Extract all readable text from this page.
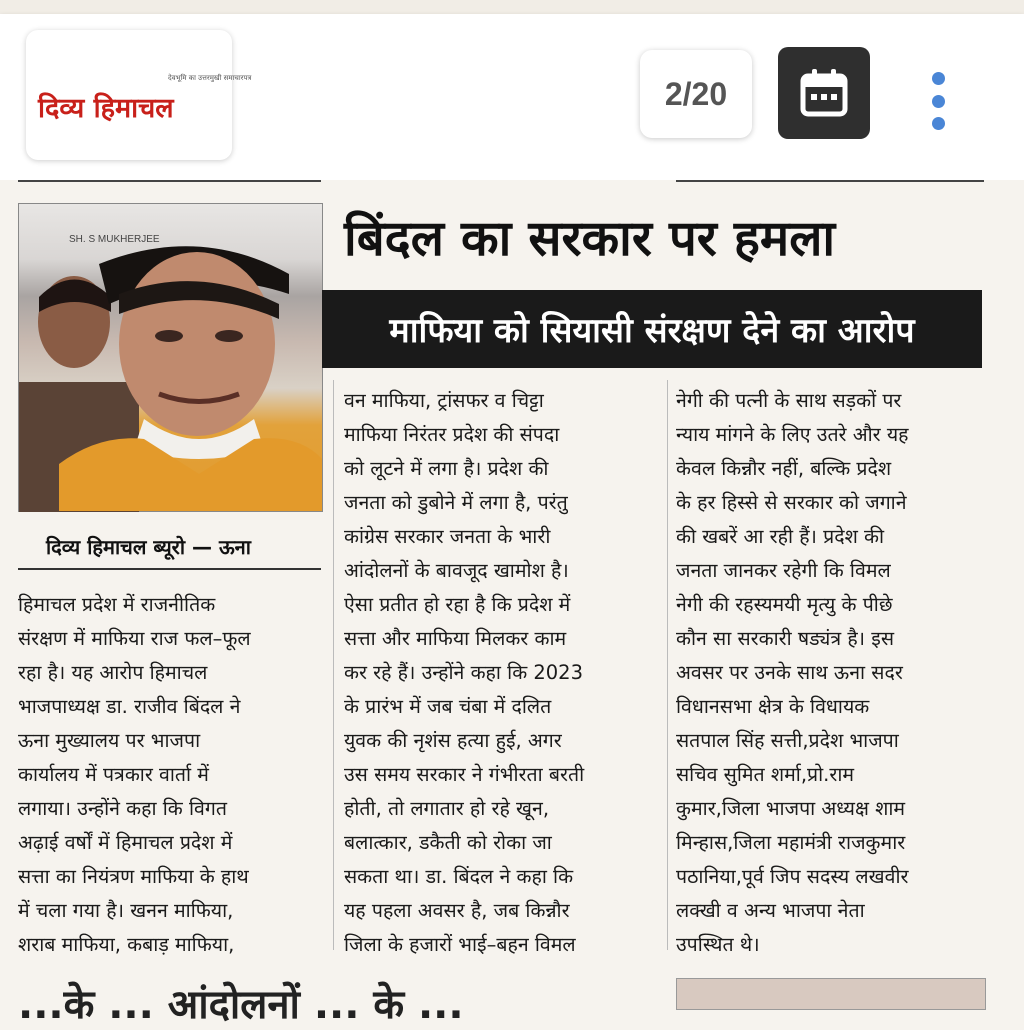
देवभूमि का उत्तरमुखी समाचारपत्र
दिव्य हिमाचल	2/20
SH. S MUKHERJEE
दिव्य हिमाचल ब्यूरो — ऊना
बिंदल का सरकार पर हमला
माफिया को सियासी संरक्षण देने का आरोप
हिमाचल प्रदेश में राजनीतिक
संरक्षण में माफिया राज फल–फूल
रहा है। यह आरोप हिमाचल
भाजपाध्यक्ष डा. राजीव बिंदल ने
ऊना मुख्यालय पर भाजपा
कार्यालय में पत्रकार वार्ता में
लगाया। उन्होंने कहा कि विगत
अढ़ाई वर्षों में हिमाचल प्रदेश में
सत्ता का नियंत्रण माफिया के हाथ
में चला गया है। खनन माफिया,
शराब माफिया, कबाड़ माफिया,
वन माफिया, ट्रांसफर व चिट्टा
माफिया निरंतर प्रदेश की संपदा
को लूटने में लगा है। प्रदेश की
जनता को डुबोने में लगा है, परंतु
कांग्रेस सरकार जनता के भारी
आंदोलनों के बावजूद खामोश है।
ऐसा प्रतीत हो रहा है कि प्रदेश में
सत्ता और माफिया मिलकर काम
कर रहे हैं। उन्होंने कहा कि 2023
के प्रारंभ में जब चंबा में दलित
युवक की नृशंस हत्या हुई, अगर
उस समय सरकार ने गंभीरता बरती
होती, तो लगातार हो रहे खून,
बलात्कार, डकैती को रोका जा
सकता था। डा. बिंदल ने कहा कि
यह पहला अवसर है, जब किन्नौर
जिला के हजारों भाई–बहन विमल
नेगी की पत्नी के साथ सड़कों पर
न्याय मांगने के लिए उतरे और यह
केवल किन्नौर नहीं, बल्कि प्रदेश
के हर हिस्से से सरकार को जगाने
की खबरें आ रही हैं। प्रदेश की
जनता जानकर रहेगी कि विमल
नेगी की रहस्यमयी मृत्यु के पीछे
कौन सा सरकारी षड्यंत्र है। इस
अवसर पर उनके साथ ऊना सदर
विधानसभा क्षेत्र के विधायक
सतपाल सिंह सत्ती,प्रदेश भाजपा
सचिव सुमित शर्मा,प्रो.राम
कुमार,जिला भाजपा अध्यक्ष शाम
मिन्हास,जिला महामंत्री राजकुमार
पठानिया,पूर्व जिप सदस्य लखवीर
लक्खी व अन्य भाजपा नेता
उपस्थित थे।
...के ... आंदोलनों ... के ...
